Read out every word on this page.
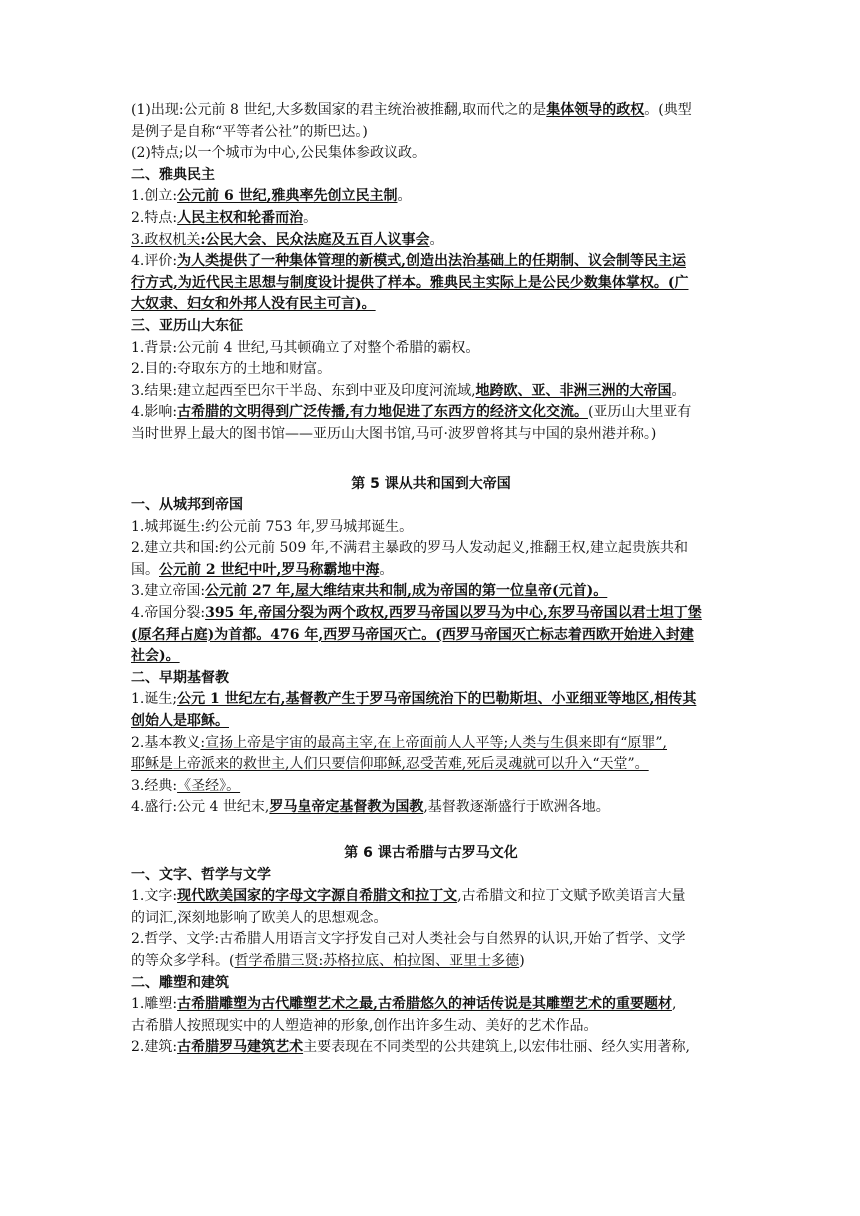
(1)出现:公元前 8 世纪,大多数国家的君主统治被推翻,取而代之的是集体领导的政权。(典型
是例子是自称“平等者公社”的斯巴达。)
(2)特点;以一个城市为中心,公民集体参政议政。
二、雅典民主
1.创立:公元前 6 世纪,雅典率先创立民主制。
2.特点:人民主权和轮番而治。
3.政权机关:公民大会、民众法庭及五百人议事会。
4.评价:为人类提供了一种集体管理的新模式,创造出法治基础上的任期制、议会制等民主运
行方式,为近代民主思想与制度设计提供了样本。雅典民主实际上是公民少数集体掌权。(广
大奴隶、妇女和外邦人没有民主可言)。
三、亚历山大东征
1.背景:公元前 4 世纪,马其顿确立了对整个希腊的霸权。
2.目的:夺取东方的土地和财富。
3.结果:建立起西至巴尔干半岛、东到中亚及印度河流域,地跨欧、亚、非洲三洲的大帝国。
4.影响:古希腊的文明得到广泛传播,有力地促进了东西方的经济文化交流。(亚历山大里亚有
当时世界上最大的图书馆——亚历山大图书馆,马可·波罗曾将其与中国的泉州港并称。)
第 5 课从共和国到大帝国
一、从城邦到帝国
1.城邦诞生:约公元前 753 年,罗马城邦诞生。
2.建立共和国:约公元前 509 年,不满君主暴政的罗马人发动起义,推翻王权,建立起贵族共和
国。公元前 2 世纪中叶,罗马称霸地中海。
3.建立帝国:公元前 27 年,屋大维结束共和制,成为帝国的第一位皇帝(元首)。
4.帝国分裂:395 年,帝国分裂为两个政权,西罗马帝国以罗马为中心,东罗马帝国以君士坦丁堡
(原名拜占庭)为首都。476 年,西罗马帝国灭亡。(西罗马帝国灭亡标志着西欧开始进入封建
社会)。
二、早期基督教
1.诞生;公元 1 世纪左右,基督教产生于罗马帝国统治下的巴勒斯坦、小亚细亚等地区,相传其
创始人是耶稣。
2.基本教义:宣扬上帝是宇宙的最高主宰,在上帝面前人人平等;人类与生俱来即有“原罪”,
耶稣是上帝派来的救世主,人们只要信仰耶稣,忍受苦难,死后灵魂就可以升入“天堂”。
3.经典:《圣经》。
4.盛行:公元 4 世纪末,罗马皇帝定基督教为国教,基督教逐渐盛行于欧洲各地。
第 6 课古希腊与古罗马文化
一、文字、哲学与文学
1.文字:现代欧美国家的字母文字源自希腊文和拉丁文,古希腊文和拉丁文赋予欧美语言大量
的词汇,深刻地影响了欧美人的思想观念。
2.哲学、文学:古希腊人用语言文字抒发自己对人类社会与自然界的认识,开始了哲学、文学
的等众多学科。(哲学希腊三贤:苏格拉底、柏拉图、亚里士多德)
二、雕塑和建筑
1.雕塑:古希腊雕塑为古代雕塑艺术之最,古希腊悠久的神话传说是其雕塑艺术的重要题材,
古希腊人按照现实中的人塑造神的形象,创作出许多生动、美好的艺术作品。
2.建筑:古希腊罗马建筑艺术主要表现在不同类型的公共建筑上,以宏伟壮丽、经久实用著称,
